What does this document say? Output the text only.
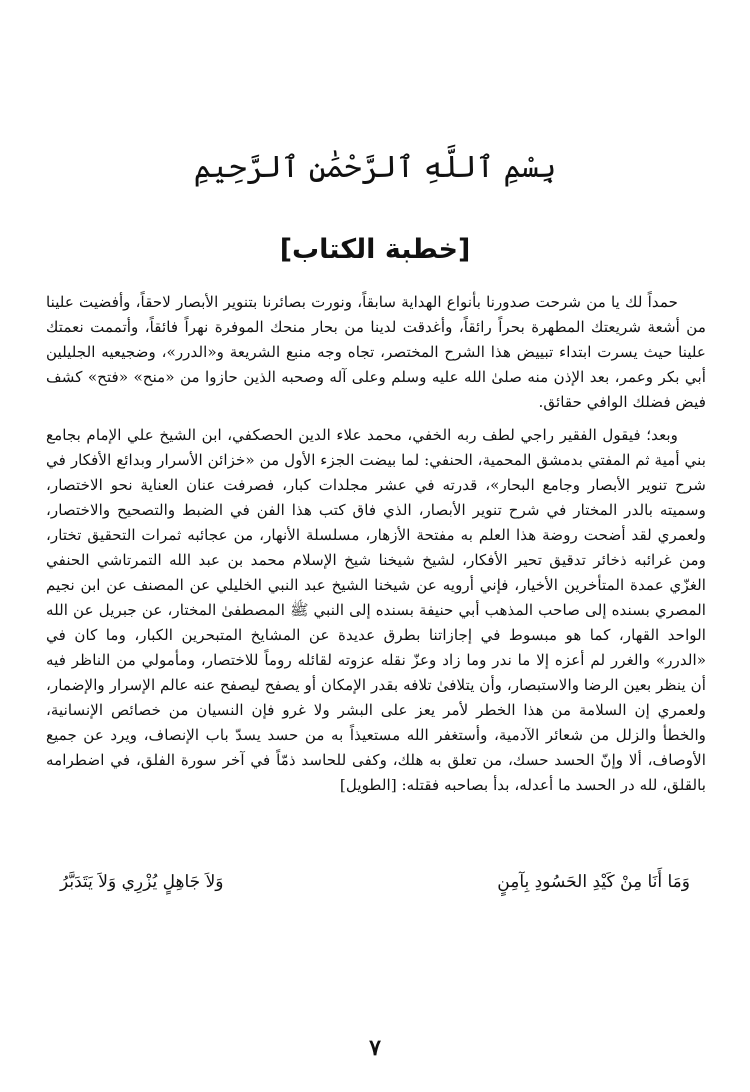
بِسْمِ ٱللَّهِ ٱلرَّحْمَٰنِ ٱلرَّحِيمِ
[خطبة الكتاب]

حمداً لك يا من شرحت صدورنا بأنواع الهداية سابقاً، ونورت بصائرنا بتنوير الأبصار لاحقاً، وأفضيت علينا من أشعة شريعتك المطهرة بحراً رائقاً، وأغدقت لدينا من بحار منحك الموفرة نهراً فائقاً، وأتممت نعمتك علينا حيث يسرت ابتداء تبييض هذا الشرح المختصر، تجاه وجه منبع الشريعة و«الدرر»، وضجيعيه الجليلين أبي بكر وعمر، بعد الإذن منه صلىٰ الله عليه وسلم وعلى آله وصحبه الذين حازوا من «منح» «فتح» كشف فيض فضلك الوافي حقائق.

وبعد؛ فيقول الفقير راجي لطف ربه الخفي، محمد علاء الدين الحصكفي، ابن الشيخ علي الإمام بجامع بني أمية ثم المفتي بدمشق المحمية، الحنفي: لما بيضت الجزء الأول من «خزائن الأسرار وبدائع الأفكار في شرح تنوير الأبصار وجامع البحار»، قدرته في عشر مجلدات كبار، فصرفت عنان العناية نحو الاختصار، وسميته بالدر المختار في شرح تنوير الأبصار، الذي فاق كتب هذا الفن في الضبط والتصحيح والاختصار، ولعمري لقد أضحت روضة هذا العلم به مفتحة الأزهار، مسلسلة الأنهار، من عجائبه ثمرات التحقيق تختار، ومن غرائبه ذخائر تدقيق تحير الأفكار، لشيخ شيخنا شيخ الإسلام محمد بن عبد الله التمرتاشي الحنفي الغزّي عمدة المتأخرين الأخيار، فإني أرويه عن شيخنا الشيخ عبد النبي الخليلي عن المصنف عن ابن نجيم المصري بسنده إلى صاحب المذهب أبي حنيفة بسنده إلى النبي ﷺ المصطفىٰ المختار، عن جبريل عن الله الواحد القهار، كما هو مبسوط في إجازاتنا بطرق عديدة عن المشايخ المتبحرين الكبار، وما كان في «الدرر» والغرر لم أعزه إلا ما ندر وما زاد وعزّ نقله عزوته لقائله روماً للاختصار، ومأمولي من الناظر فيه أن ينظر بعين الرضا والاستبصار، وأن يتلافىٰ تلافه بقدر الإمكان أو يصفح ليصفح عنه عالم الإسرار والإضمار، ولعمري إن السلامة من هذا الخطر لأمر يعز على البشر ولا غرو فإن النسيان من خصائص الإنسانية، والخطأ والزلل من شعائر الآدمية، وأستغفر الله مستعيذاً به من حسد يسدّ باب الإنصاف، ويرد عن جميع الأوصاف، ألا وإنّ الحسد حسك، من تعلق به هلك، وكفى للحاسد ذمّاً في آخر سورة الفلق، في اضطرامه بالقلق، لله در الحسد ما أعدله، بدأ بصاحبه فقتله: [الطويل]

وَمَا أَنَا مِنْ كَيْدِ الحَسُودِ بِآمِنٍ
وَلاَ جَاهِلٍ يُزْرِي وَلاَ يَتَدَبَّرُ
٧
